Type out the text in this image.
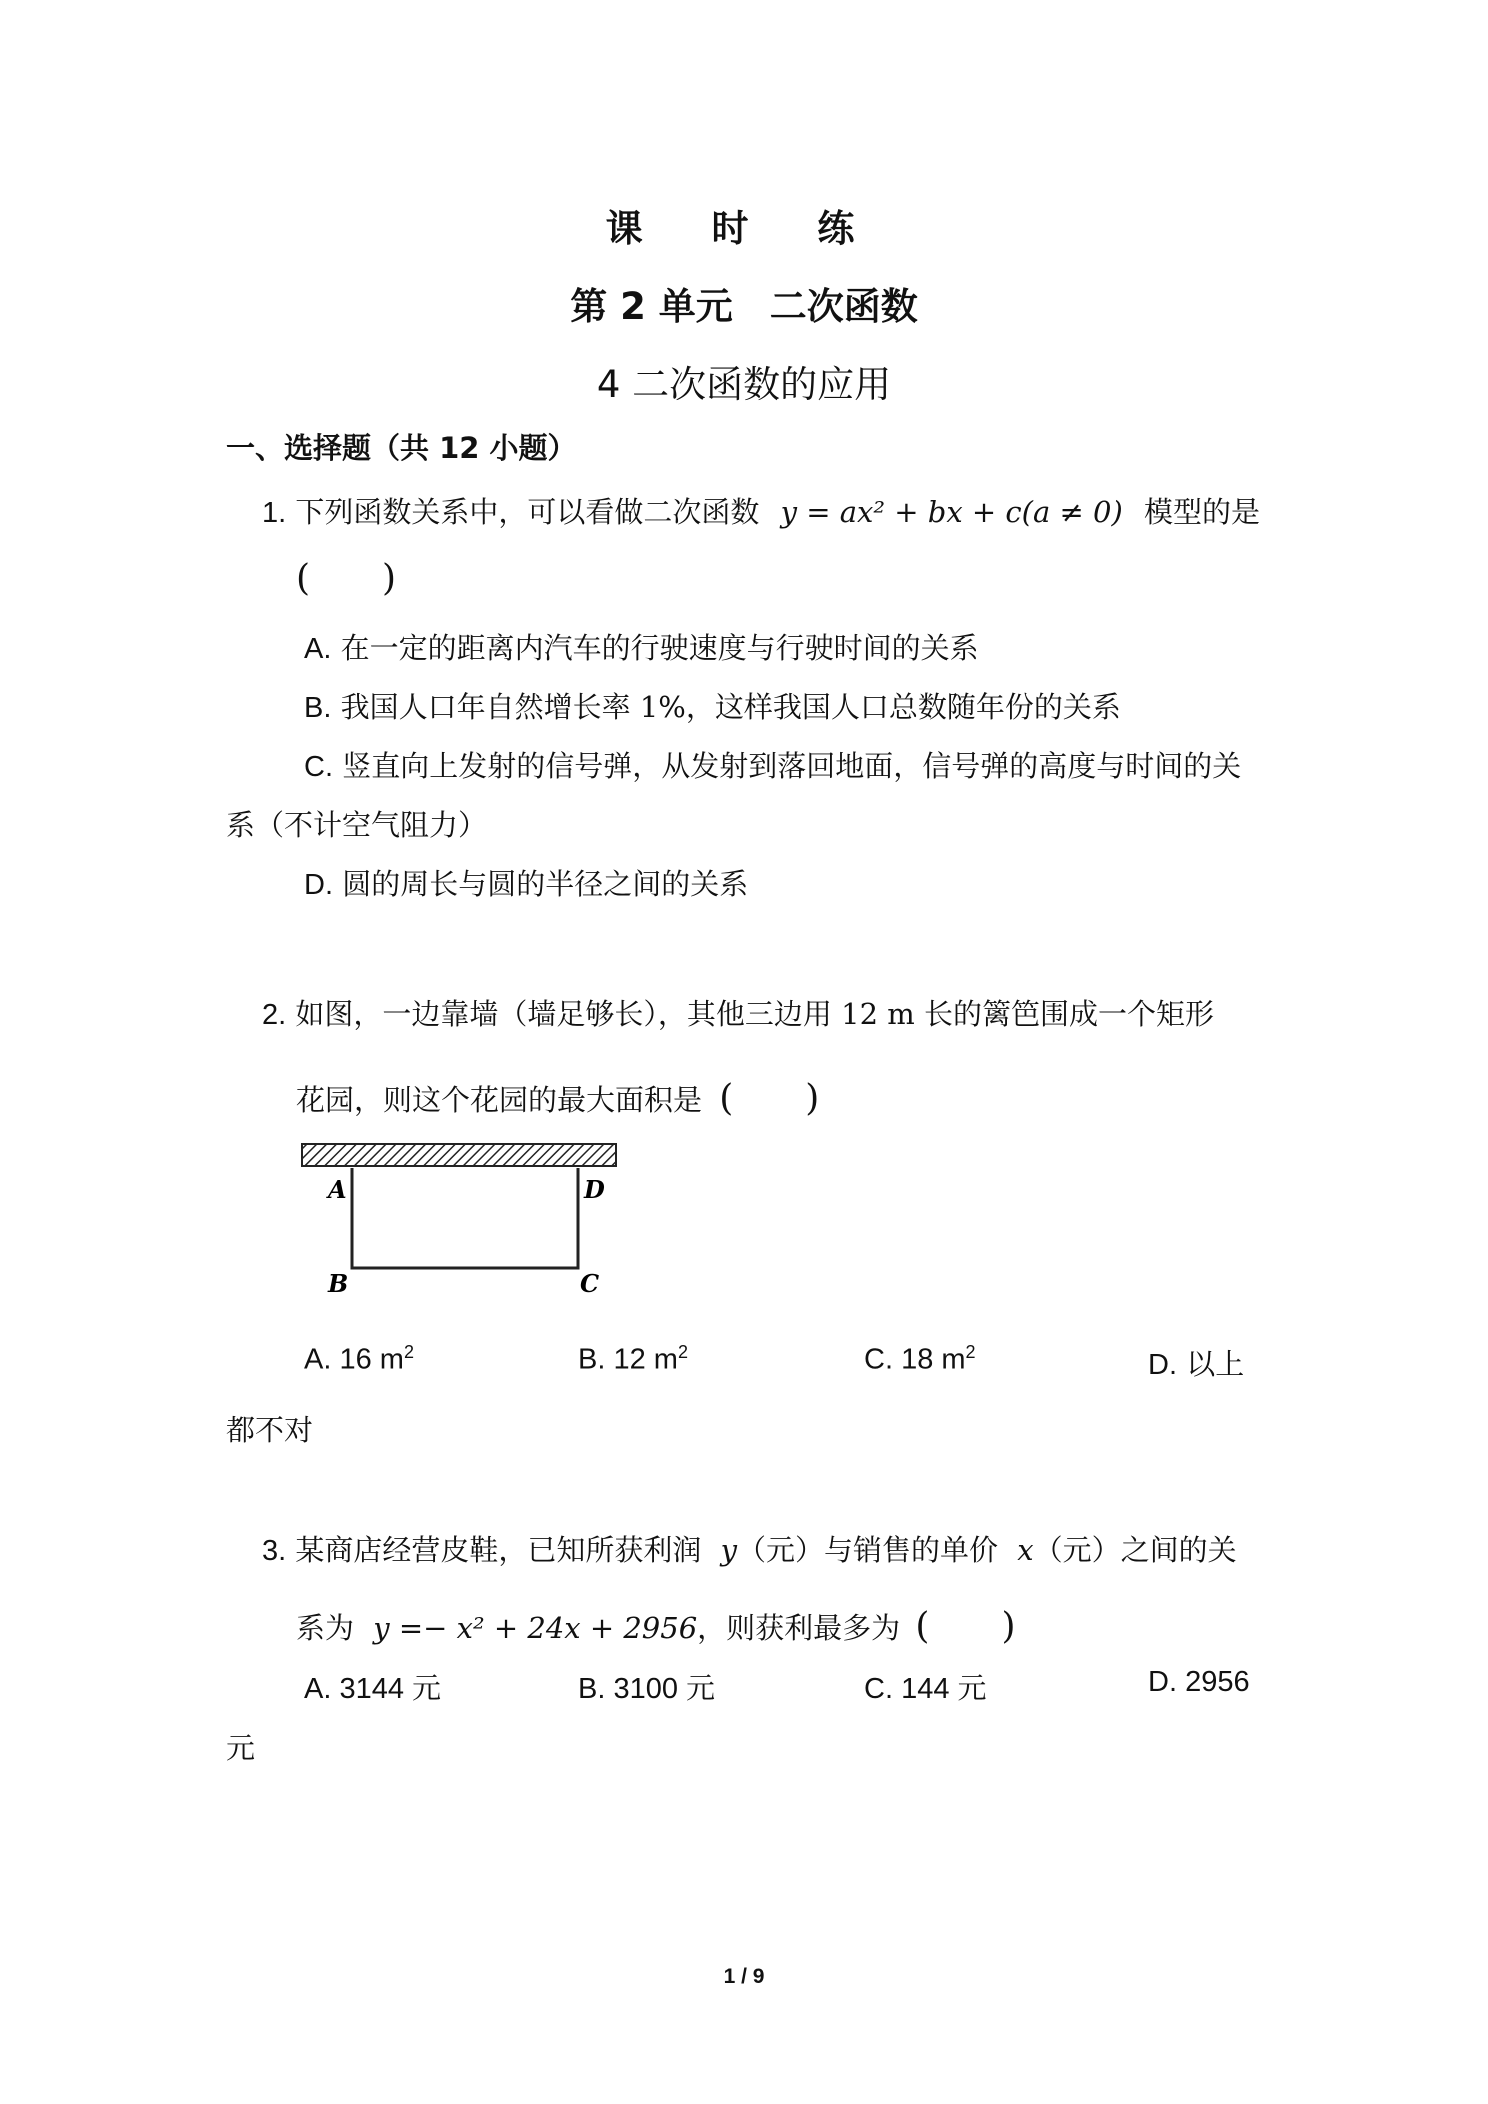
课 时 练
第 2 单元　二次函数
4 二次函数的应用
一、选择题（共 12 小题）
1. 下列函数关系中，可以看做二次函数 y = ax² + bx + c(a ≠ 0) 模型的是
(　　)
A. 在一定的距离内汽车的行驶速度与行驶时间的关系
B. 我国人口年自然增长率 1%，这样我国人口总数随年份的关系
C. 竖直向上发射的信号弹，从发射到落回地面，信号弹的高度与时间的关
系（不计空气阻力）
D. 圆的周长与圆的半径之间的关系
2. 如图，一边靠墙（墙足够长），其他三边用 12 m 长的篱笆围成一个矩形
花园，则这个花园的最大面积是 (　　)
A	D
B	C
A. 16 $m^2$	B. 12 $m^2$	C. 18 $m^2$	D. 以上
都不对
3. 某商店经营皮鞋，已知所获利润 y（元）与销售的单价 x（元）之间的关
系为 y =− x² + 24x + 2956，则获利最多为 (　　)
A. 3144 元	B. 3100 元	C. 144 元	D. 2956
元
1 / 9
